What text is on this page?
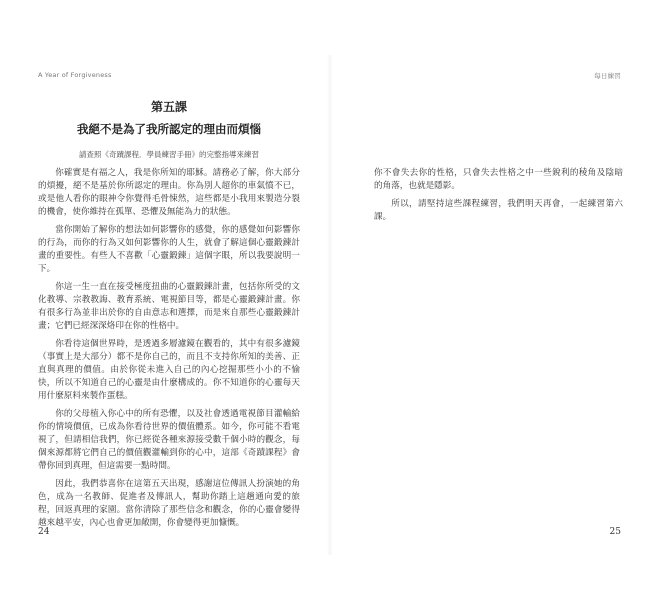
A Year of Forgiveness
第五課
我絕不是為了我所認定的理由而煩惱
請查照《奇蹟課程．學員練習手冊》的完整指導來練習

你確實是有福之人，我是你所知的耶穌。請務必了解，你大部分的煩擾，絕不是基於你所認定的理由。你為別人超你的車氣憤不已，或是他人看你的眼神令你覺得毛骨悚然，這些都是小我用來製造分裂的機會，使你維持在孤單、恐懼及無能為力的狀態。

當你開始了解你的想法如何影響你的感覺，你的感覺如何影響你的行為，而你的行為又如何影響你的人生，就會了解這個心靈鍛鍊計畫的重要性。有些人不喜歡「心靈鍛鍊」這個字眼，所以我要說明一下。

你這一生一直在接受極度扭曲的心靈鍛鍊計畫，包括你所受的文化教導、宗教教誨、教育系統、電視節目等，都是心靈鍛鍊計畫。你有很多行為並非出於你的自由意志和選擇，而是來自那些心靈鍛鍊計畫；它們已經深深烙印在你的性格中。

你看待這個世界時，是透過多層濾鏡在觀看的，其中有很多濾鏡（事實上是大部分）都不是你自己的，而且不支持你所知的美善、正直與真理的價值。由於你從未進入自己的內心挖掘那些小小的不愉快，所以不知道自己的心靈是由什麼構成的。你不知道你的心靈每天用什麼原料來製作蛋糕。

你的父母植入你心中的所有恐懼，以及社會透過電視節目灌輸給你的情境價值，已成為你看待世界的價值體系。如今，你可能不看電視了，但請相信我們，你已經從各種來源接受數千個小時的觀念，每個來源都將它們自己的價值觀灌輸到你的心中，這部《奇蹟課程》會帶你回到真理，但這需要一點時間。

因此，我們恭喜你在這第五天出現，感謝這位傳訊人扮演她的角色，成為一名教師、促進者及傳訊人，幫助你踏上這趟通向愛的旅程，回返真理的家園。當你清除了那些信念和觀念，你的心靈會變得越來越平安，內心也會更加敞開，你會變得更加慷慨。

24
每日練習

你不會失去你的性格，只會失去性格之中一些銳利的稜角及陰暗的角落，也就是隱影。

所以，請堅持這些課程練習，我們明天再會，一起練習第六課。

25
